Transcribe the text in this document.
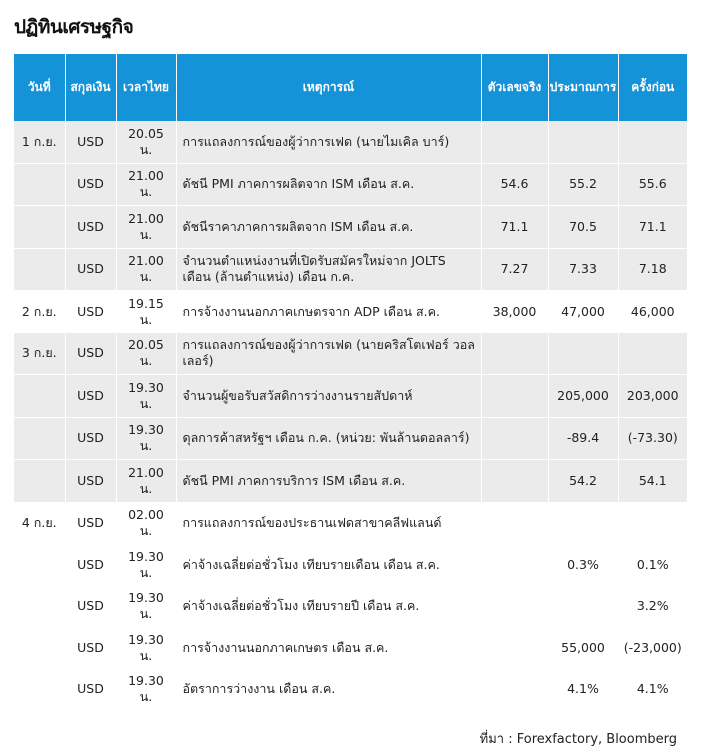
ปฏิทินเศรษฐกิจ
วันที่	สกุลเงิน	เวลาไทย	เหตุการณ์	ตัวเลขจริง	ประมาณการ	ครั้งก่อน
1 ก.ย.	USD	20.05 น.	การแถลงการณ์ของผู้ว่าการเฟด (นายไมเคิล บาร์)			
	USD	21.00 น.	ดัชนี PMI ภาคการผลิตจาก ISM เดือน ส.ค.	54.6	55.2	55.6
	USD	21.00 น.	ดัชนีราคาภาคการผลิตจาก ISM เดือน ส.ค.	71.1	70.5	71.1
	USD	21.00 น.	จำนวนตำแหน่งงานที่เปิดรับสมัครใหม่จาก JOLTS เดือน (ล้านตำแหน่ง) เดือน ก.ค.	7.27	7.33	7.18
2 ก.ย.	USD	19.15 น.	การจ้างงานนอกภาคเกษตรจาก ADP เดือน ส.ค.	38,000	47,000	46,000
3 ก.ย.	USD	20.05 น.	การแถลงการณ์ของผู้ว่าการเฟด (นายคริสโตเฟอร์ วอลเลอร์)			
	USD	19.30 น.	จำนวนผู้ขอรับสวัสดิการว่างงานรายสัปดาห์		205,000	203,000
	USD	19.30 น.	ดุลการค้าสหรัฐฯ เดือน ก.ค. (หน่วย: พันล้านดอลลาร์)		-89.4	(-73.30)
	USD	21.00 น.	ดัชนี PMI ภาคการบริการ ISM เดือน ส.ค.		54.2	54.1
4 ก.ย.	USD	02.00 น.	การแถลงการณ์ของประธานเฟดสาขาคลีฟแลนด์			
	USD	19.30 น.	ค่าจ้างเฉลี่ยต่อชั่วโมง เทียบรายเดือน เดือน ส.ค.		0.3%	0.1%
	USD	19.30 น.	ค่าจ้างเฉลี่ยต่อชั่วโมง เทียบรายปี เดือน ส.ค.			3.2%
	USD	19.30 น.	การจ้างงานนอกภาคเกษตร เดือน ส.ค.		55,000	(-23,000)
	USD	19.30 น.	อัตราการว่างงาน เดือน ส.ค.		4.1%	4.1%
ที่มา : Forexfactory, Bloomberg
